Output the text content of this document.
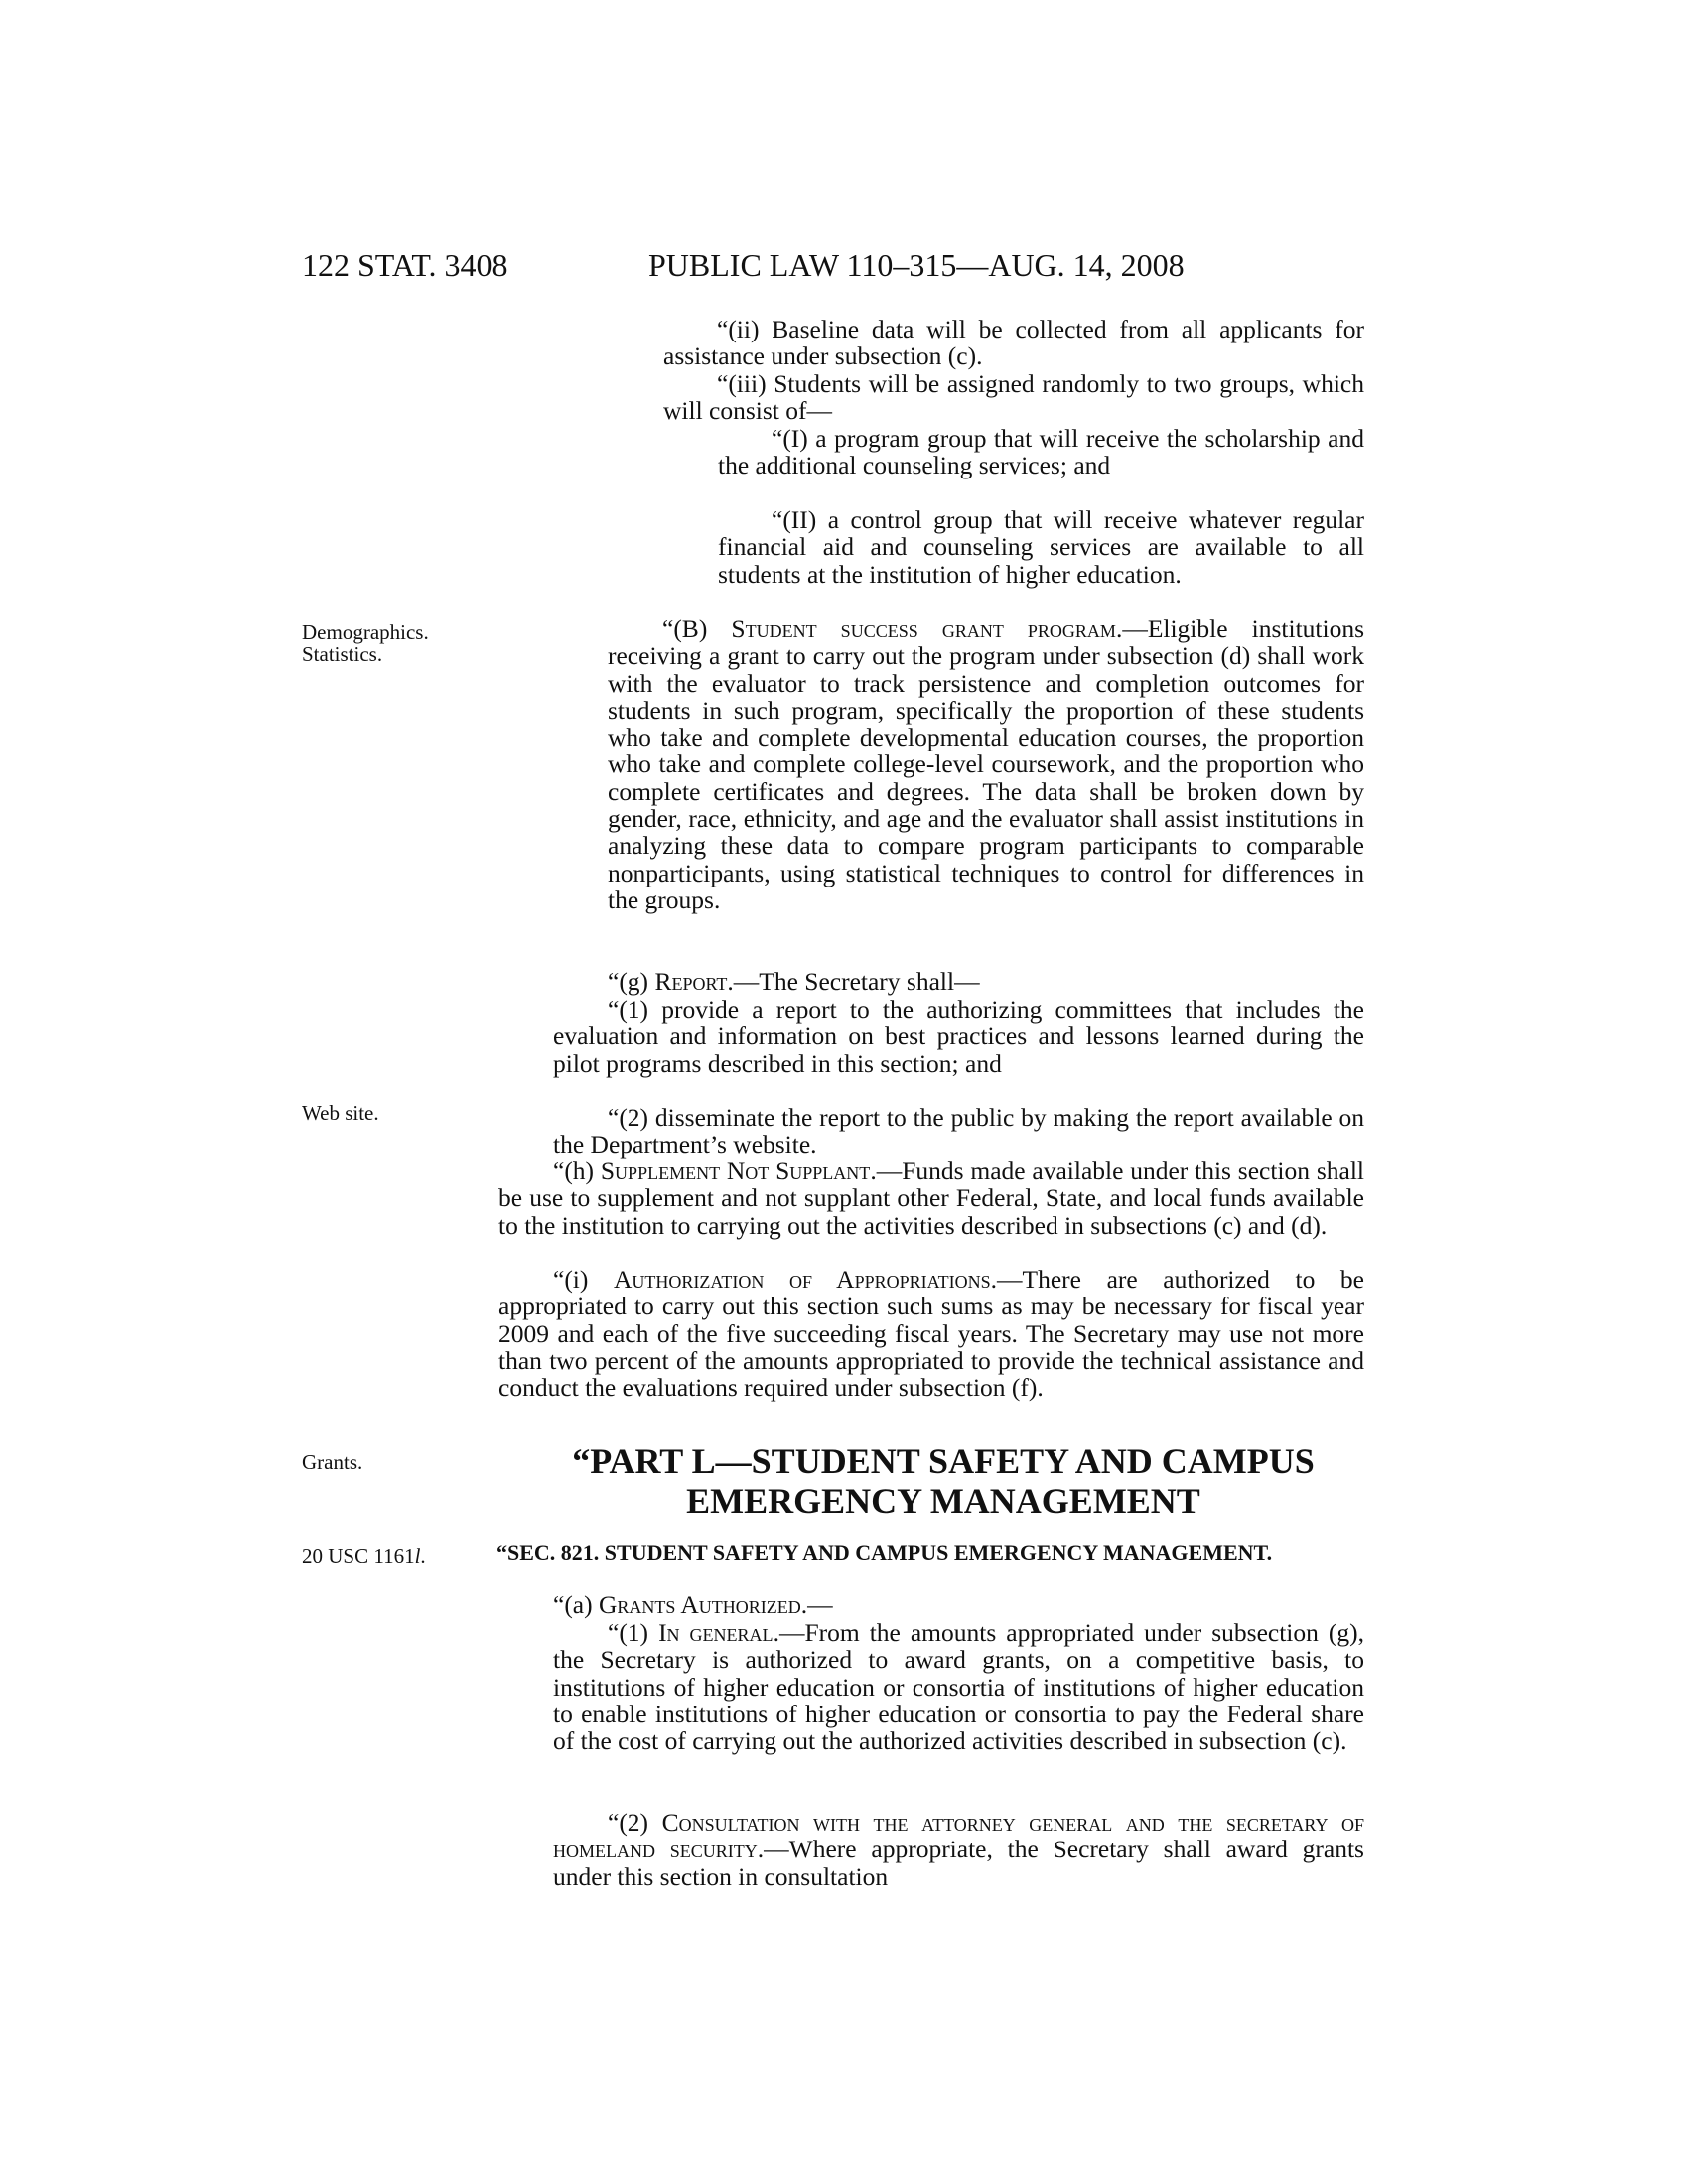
122 STAT. 3408	PUBLIC LAW 110–315—AUG. 14, 2008
Demographics.
Statistics.
Web site.
Grants.
20 USC 1161l.
“(ii) Baseline data will be collected from all applicants for assistance under subsection (c).
“(iii) Students will be assigned randomly to two groups, which will consist of—
“(I) a program group that will receive the scholarship and the additional counseling services; and
“(II) a control group that will receive whatever regular financial aid and counseling services are available to all students at the institution of higher education.
“(B) Student success grant program.—Eligible institutions receiving a grant to carry out the program under subsection (d) shall work with the evaluator to track persistence and completion outcomes for students in such program, specifically the proportion of these students who take and complete developmental education courses, the proportion who take and complete college-level coursework, and the proportion who complete certificates and degrees. The data shall be broken down by gender, race, ethnicity, and age and the evaluator shall assist institutions in analyzing these data to compare program participants to comparable nonparticipants, using statistical techniques to control for differences in the groups.
“(g) Report.—The Secretary shall—
“(1) provide a report to the authorizing committees that includes the evaluation and information on best practices and lessons learned during the pilot programs described in this section; and
“(2) disseminate the report to the public by making the report available on the Department’s website.
“(h) Supplement Not Supplant.—Funds made available under this section shall be use to supplement and not supplant other Federal, State, and local funds available to the institution to carrying out the activities described in subsections (c) and (d).
“(i) Authorization of Appropriations.—There are authorized to be appropriated to carry out this section such sums as may be necessary for fiscal year 2009 and each of the five succeeding fiscal years. The Secretary may use not more than two percent of the amounts appropriated to provide the technical assistance and conduct the evaluations required under subsection (f).
“PART L—STUDENT SAFETY AND CAMPUS
EMERGENCY MANAGEMENT
“SEC. 821. STUDENT SAFETY AND CAMPUS EMERGENCY MANAGEMENT.
“(a) Grants Authorized.—
“(1) In general.—From the amounts appropriated under subsection (g), the Secretary is authorized to award grants, on a competitive basis, to institutions of higher education or consortia of institutions of higher education to enable institutions of higher education or consortia to pay the Federal share of the cost of carrying out the authorized activities described in subsection (c).
“(2) Consultation with the attorney general and the secretary of homeland security.—Where appropriate, the Secretary shall award grants under this section in consultation
